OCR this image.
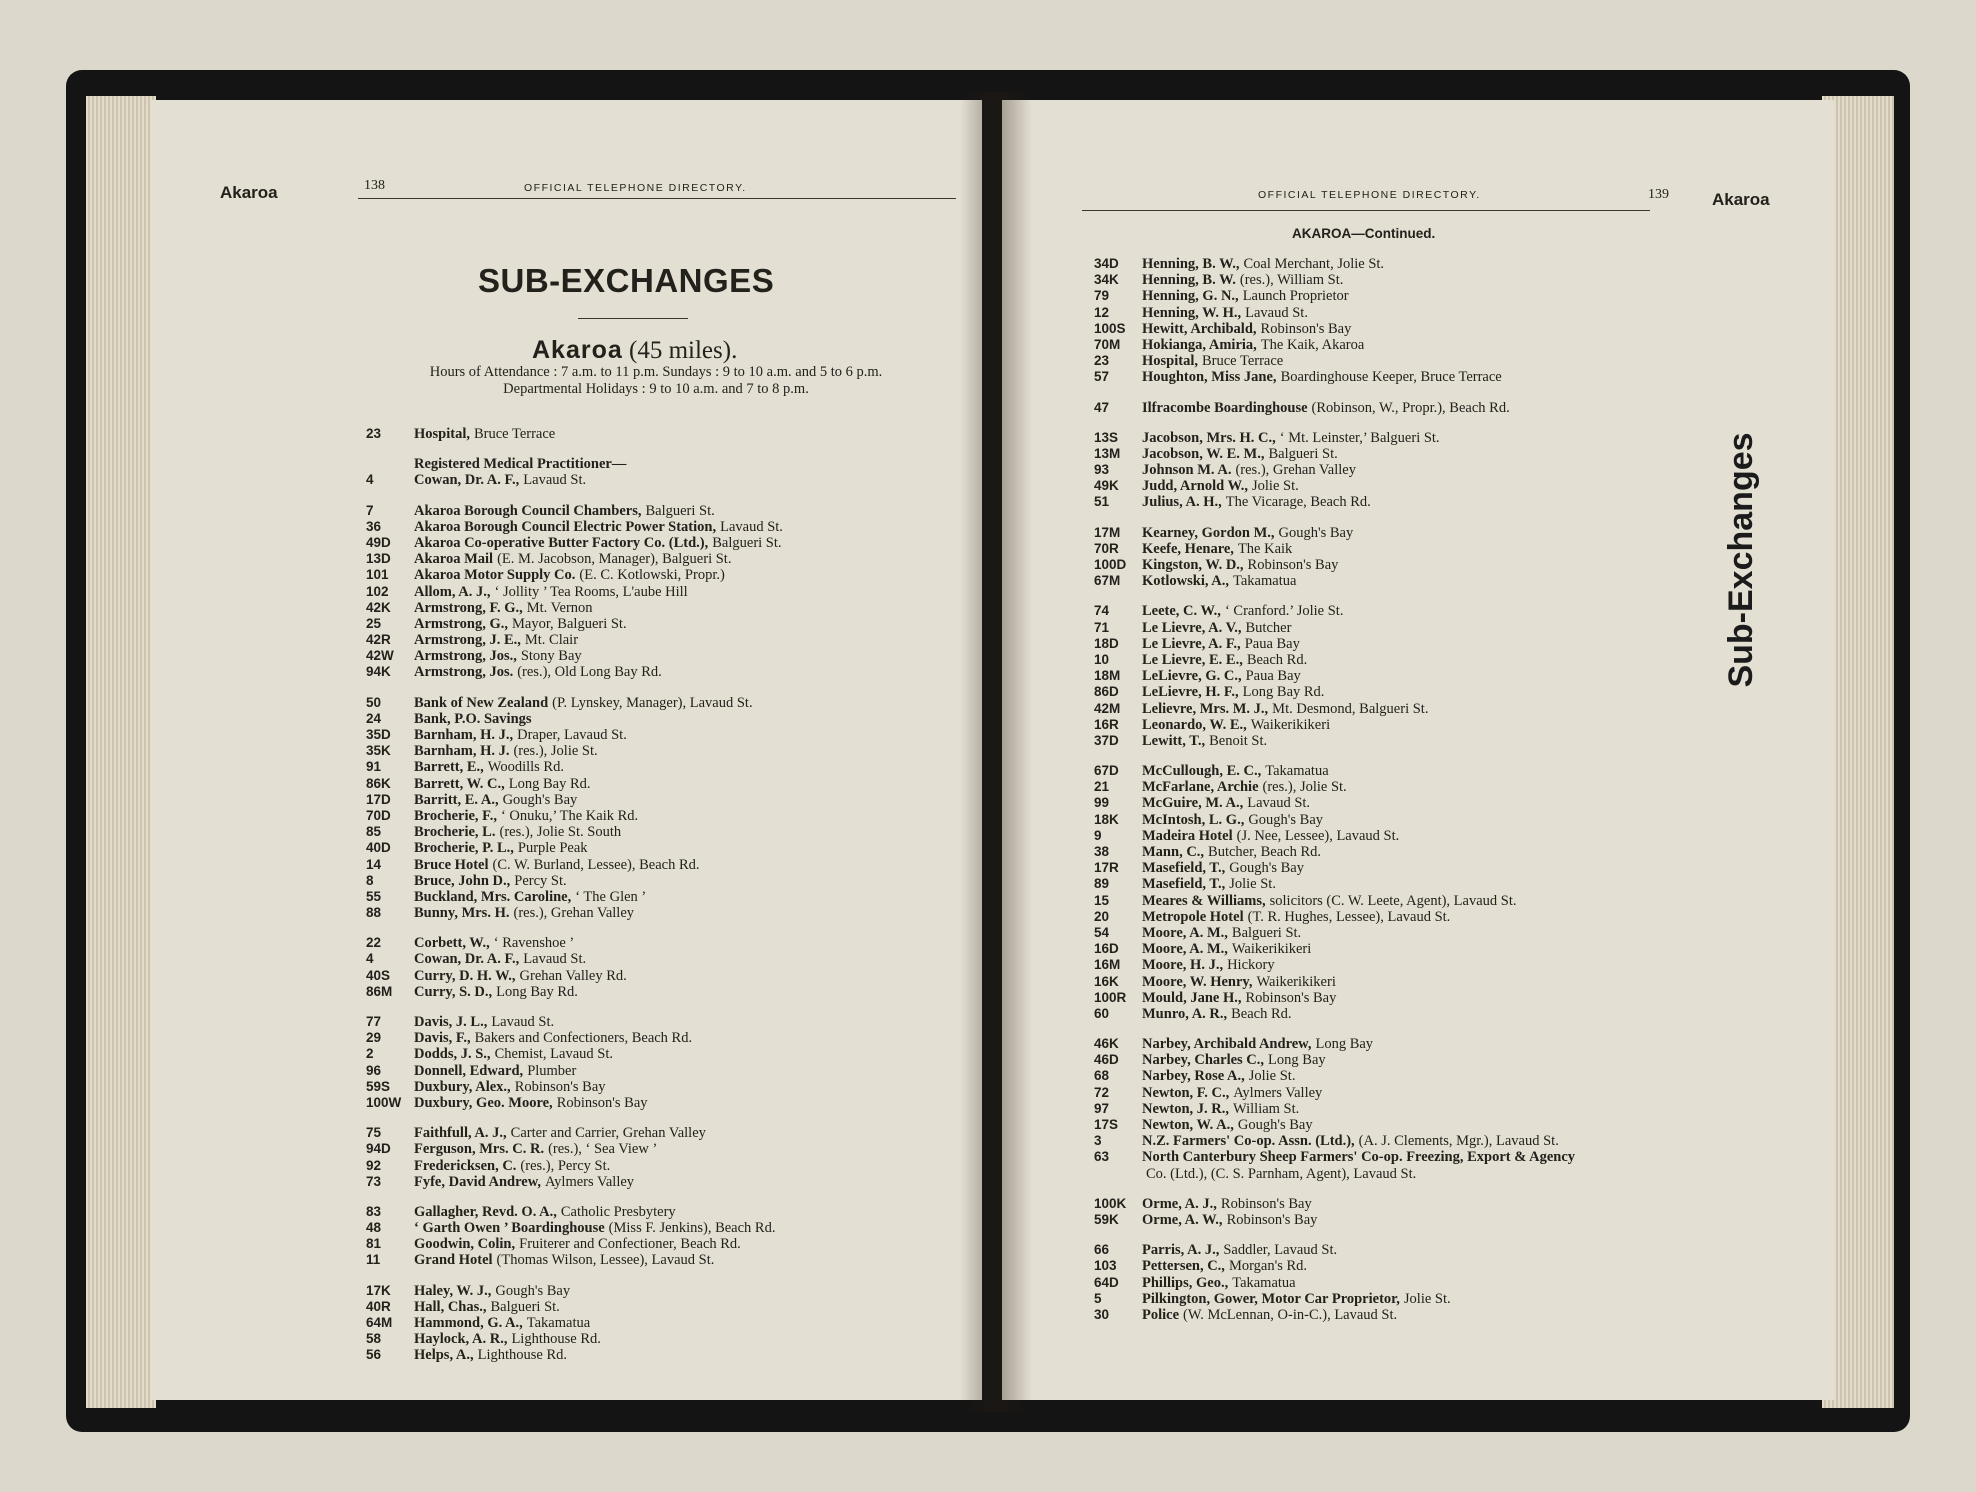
Akaroa	138	OFFICIAL TELEPHONE DIRECTORY.
SUB-EXCHANGES
Akaroa (45 miles).
Hours of Attendance : 7 a.m. to 11 p.m. Sundays : 9 to 10 a.m. and 5 to 6 p.m.
Departmental Holidays : 9 to 10 a.m. and 7 to 8 p.m.
23	Hospital, Bruce Terrace
Registered Medical Practitioner—
4	Cowan, Dr. A. F., Lavaud St.
7	Akaroa Borough Council Chambers, Balgueri St.
36	Akaroa Borough Council Electric Power Station, Lavaud St.
49D	Akaroa Co-operative Butter Factory Co. (Ltd.), Balgueri St.
13D	Akaroa Mail (E. M. Jacobson, Manager), Balgueri St.
101	Akaroa Motor Supply Co. (E. C. Kotlowski, Propr.)
102	Allom, A. J., ‘ Jollity ’ Tea Rooms, L'aube Hill
42K	Armstrong, F. G., Mt. Vernon
25	Armstrong, G., Mayor, Balgueri St.
42R	Armstrong, J. E., Mt. Clair
42W	Armstrong, Jos., Stony Bay
94K	Armstrong, Jos. (res.), Old Long Bay Rd.
50	Bank of New Zealand (P. Lynskey, Manager), Lavaud St.
24	Bank, P.O. Savings
35D	Barnham, H. J., Draper, Lavaud St.
35K	Barnham, H. J. (res.), Jolie St.
91	Barrett, E., Woodills Rd.
86K	Barrett, W. C., Long Bay Rd.
17D	Barritt, E. A., Gough's Bay
70D	Brocherie, F., ‘ Onuku,’ The Kaik Rd.
85	Brocherie, L. (res.), Jolie St. South
40D	Brocherie, P. L., Purple Peak
14	Bruce Hotel (C. W. Burland, Lessee), Beach Rd.
8	Bruce, John D., Percy St.
55	Buckland, Mrs. Caroline, ‘ The Glen ’
88	Bunny, Mrs. H. (res.), Grehan Valley
22	Corbett, W., ‘ Ravenshoe ’
4	Cowan, Dr. A. F., Lavaud St.
40S	Curry, D. H. W., Grehan Valley Rd.
86M	Curry, S. D., Long Bay Rd.
77	Davis, J. L., Lavaud St.
29	Davis, F., Bakers and Confectioners, Beach Rd.
2	Dodds, J. S., Chemist, Lavaud St.
96	Donnell, Edward, Plumber
59S	Duxbury, Alex., Robinson's Bay
100W Duxbury, Geo. Moore, Robinson's Bay
75	Faithfull, A. J., Carter and Carrier, Grehan Valley
94D	Ferguson, Mrs. C. R. (res.), ‘ Sea View ’
92	Fredericksen, C. (res.), Percy St.
73	Fyfe, David Andrew, Aylmers Valley
83	Gallagher, Revd. O. A., Catholic Presbytery
48	‘ Garth Owen ’ Boardinghouse (Miss F. Jenkins), Beach Rd.
81	Goodwin, Colin, Fruiterer and Confectioner, Beach Rd.
11	Grand Hotel (Thomas Wilson, Lessee), Lavaud St.
17K	Haley, W. J., Gough's Bay
40R	Hall, Chas., Balgueri St.
64M	Hammond, G. A., Takamatua
58	Haylock, A. R., Lighthouse Rd.
56	Helps, A., Lighthouse Rd.
OFFICIAL TELEPHONE DIRECTORY.	139	Akaroa
AKAROA—Continued.
34D	Henning, B. W., Coal Merchant, Jolie St.
34K	Henning, B. W. (res.), William St.
79	Henning, G. N., Launch Proprietor
12	Henning, W. H., Lavaud St.
100S	Hewitt, Archibald, Robinson's Bay
70M	Hokianga, Amiria, The Kaik, Akaroa
23	Hospital, Bruce Terrace
57	Houghton, Miss Jane, Boardinghouse Keeper, Bruce Terrace
47	Ilfracombe Boardinghouse (Robinson, W., Propr.), Beach Rd.
13S	Jacobson, Mrs. H. C., ‘ Mt. Leinster,’ Balgueri St.
13M	Jacobson, W. E. M., Balgueri St.
93	Johnson M. A. (res.), Grehan Valley
49K	Judd, Arnold W., Jolie St.
51	Julius, A. H., The Vicarage, Beach Rd.
17M	Kearney, Gordon M., Gough's Bay
70R	Keefe, Henare, The Kaik
100D	Kingston, W. D., Robinson's Bay
67M	Kotlowski, A., Takamatua
74	Leete, C. W., ‘ Cranford.’ Jolie St.
71	Le Lievre, A. V., Butcher
18D	Le Lievre, A. F., Paua Bay
10	Le Lievre, E. E., Beach Rd.
18M	LeLievre, G. C., Paua Bay
86D	LeLievre, H. F., Long Bay Rd.
42M	Lelievre, Mrs. M. J., Mt. Desmond, Balgueri St.
16R	Leonardo, W. E., Waikerikikeri
37D	Lewitt, T., Benoit St.
67D	McCullough, E. C., Takamatua
21	McFarlane, Archie (res.), Jolie St.
99	McGuire, M. A., Lavaud St.
18K	McIntosh, L. G., Gough's Bay
9	Madeira Hotel (J. Nee, Lessee), Lavaud St.
38	Mann, C., Butcher, Beach Rd.
17R	Masefield, T., Gough's Bay
89	Masefield, T., Jolie St.
15	Meares & Williams, solicitors (C. W. Leete, Agent), Lavaud St.
20	Metropole Hotel (T. R. Hughes, Lessee), Lavaud St.
54	Moore, A. M., Balgueri St.
16D	Moore, A. M., Waikerikikeri
16M	Moore, H. J., Hickory
16K	Moore, W. Henry, Waikerikikeri
100R	Mould, Jane H., Robinson's Bay
60	Munro, A. R., Beach Rd.
46K	Narbey, Archibald Andrew, Long Bay
46D	Narbey, Charles C., Long Bay
68	Narbey, Rose A., Jolie St.
72	Newton, F. C., Aylmers Valley
97	Newton, J. R., William St.
17S	Newton, W. A., Gough's Bay
3	N.Z. Farmers' Co-op. Assn. (Ltd.), (A. J. Clements, Mgr.), Lavaud St.
63	North Canterbury Sheep Farmers' Co-op. Freezing, Export & Agency
Co. (Ltd.), (C. S. Parnham, Agent), Lavaud St.
100K	Orme, A. J., Robinson's Bay
59K	Orme, A. W., Robinson's Bay
66	Parris, A. J., Saddler, Lavaud St.
103	Pettersen, C., Morgan's Rd.
64D	Phillips, Geo., Takamatua
5	Pilkington, Gower, Motor Car Proprietor, Jolie St.
30	Police (W. McLennan, O-in-C.), Lavaud St.
Sub-Exchanges
